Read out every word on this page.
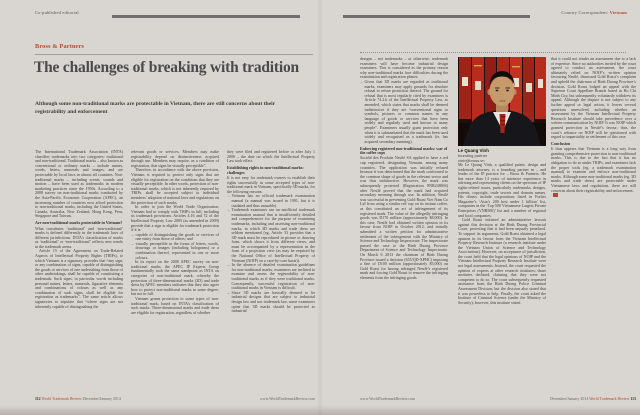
Co-published editorial	Country Correspondent: Vietnam
Bross & Partners
The challenges of breaking with tradition
Although some non-traditional marks are protectable in Vietnam, there are still concerns about their registrability and enforcement

The International Trademark Association (INTA) classifies trademarks into two categories: traditional and non-traditional. Traditional marks – also known as conventional or ordinary marks – include names, words, letters, numerals and images, and are protectable by local laws in almost all countries. Non-traditional marks – including scents, sounds and motion – have been used as trademarks in modern marketing practices since the 1950s. According to a 2008 survey on non-traditional marks conducted by the Asia-Pacific Economic Cooperation (APEC), an increasing number of countries now afford protection to non-traditional marks, including the United States, Canada, Australia, New Zealand, Hong Kong, Peru, Singapore and Taiwan.

Are non-traditional marks protectable in Vietnam?

What constitutes ‘traditional’ and ‘non-traditional’ marks is defined differently in the trademark laws of different jurisdictions. INTA’s classification of marks as ‘traditional’ or ‘non-traditional’ reflects new trends in the trademark arena.

Article 15 of the Agreement on Trade-Related Aspects of Intellectual Property Rights (TRIPs), to which Vietnam is a signatory, provides that “any sign, or any combination of signs, capable of distinguishing the goods or services of one undertaking from those of other undertakings, shall be capable of constituting a trademark. Such signs, in particular words including personal names, letters, numerals, figurative elements and combinations of colours as well as any combination of such signs, shall be eligible for registration as trademarks”. The same article allows signatories to stipulate that “where signs are not inherently capable of distinguishing the

relevant goods or services, Members may make registrability depend on distinctiveness acquired through use. Members may require, as a condition of registration, that signs be visually perceptible”.

Therefore, in accordance with the above provision, Vietnam is required to protect only signs that are eligible for registration on the conditions that they are visually perceptible. In other words, protection of non-traditional marks, which is not inherently required by TRIPs, shall be accepted subject to individual members’ adoption of national laws and regulations on the protection of such marks.

In order to join the World Trade Organisation, Vietnam had to comply with TRIPs in full, including its trademark provisions. Articles 4.16 and 72 of the Intellectual Property Law 2005 (as amended in 2009) provide that a sign is eligible for trademark protection if it is:

– capable of distinguishing the goods or services of one entity from those of others; and

– visually perceptible in the forms of letters, words, drawings or images (including holograms) or a combination thereof, represented in one or more colours.

In its report on the 2008 APEC survey on non-traditional marks, the APEC IP Experts Group fundamentally took the same standpoint as INTA on categories of non-traditional mark, whereby the protection of three-dimensional marks (3D) and trade dress by APEC members indicates that they also agree how to protect non-traditional marks to some degree, but not in full.

Vietnam grants protection to some types of non-traditional mark, based on INTA’s classification of such marks. Three-dimensional marks and trade dress are eligible for registration, regardless of whether

they were filed and registered before or after July 1 2006 – the date on which the Intellectual Property Law took effect.

Establishing rights in non-traditional marks: challenges

It is not easy for trademark owners to establish their rights successfully in some accepted types of non-traditional mark in Vietnam, specifically 3D marks, for the following reasons:

– Vietnam has no official trademark examination manual (a manual was issued in 1991, but it is outdated and thus unusable).

– Trademark examiners use an unofficial trademark examination manual that is insufficiently detailed and comprehensive for the purpose of examining trademarks, including and assessing non-traditional marks, in which 3D marks and trade dress are seldom mentioned (eg, Article 33 provides that a 3D mark must be reproduced in picture or drawing form, which shows it from different views, and must be accompanied by a representation in the form of a projection view (as may be required by the National Office of Intellectual Property of Vietnam (NOIP) on a case-by-case basis)).

– In the absence of detailed examination guidelines for non-traditional marks, examiners are inclined to examine and assess the registrability of non-traditional marks as if they were traditional marks. Consequently, successful registration of non-traditional marks in Vietnam is difficult.

– Since 3D marks are basically deemed to be industrial designs that are subject to industrial design law and not trademark law, some examiners opine that 3D marks should be protected as industrial

designs – not trademarks – or otherwise, trademark examiners will have become industrial design examiners. This is considered as the primary reason why non-traditional marks face difficulties during the examination and registration phases.

– Given that 3D marks are regarded as traditional marks, examiners may apply grounds for absolute refusal to refuse protection thereof. The ground for refusal that is most regularly cited by examiners is Article 74.2.b of the Intellectual Property Law, as amended, which states that marks shall be deemed indistinctive if they are “conventional signs or symbols, pictures or common names in any language of goods or services that have been widely and regularly used and known to many people”. Examiners usually grant protection only when it is substantiated that the mark has been used widely and recognised as a trademark (ie, has acquired secondary meaning).

Enforcing registered non-traditional marks: war of the coffee cups

Société des Produits Nestlé SA applied to have a red cup registered, designating Vietnam, among many countries. The application was initially refused because it was determined that the mark conformed to the common shape of goods in the relevant sector and was thus indistinctive. However, the mark was subsequently protected (Registration 8NR248694) after Nestlé proved that the mark had acquired secondary meaning through use. In addition, Nestlé was successful in preventing Gold Roast Viet Nam Co Ltd from using a similar red cup on its instant coffee, as this constituted an act of infringement of its registered mark. The value of the allegedly infringing goods was D170 million (approximately $8,000). In this case, Nestlé had obtained written opinion in its favour from NOIP in October 2012, and initially submitted a written petition for administrative settlement of the infringement with the Ministry of Science and Technology Inspectorate. The inspectorate passed the case to the Binh Duong Province Department of Science and Technology Inspectorate. On March 6 2013 the chairman of Binh Duong Province issued a decision (655/QD-XPHC) imposing a fine of D100 million (approximately $5,000) on Gold Roast for having infringed Nestlé’s registered mark and forcing Gold Roast to remove the infringing elements from the infringing goods.

Le Quang Vinh
founding partner
vinh@bross.vn

Mr Le Quang Vinh, a qualified patent, design and trademark attorney, is a founding partner in – and leader of the IP practice for – Bross & Partners. He has more than 14 years of intensive experience in advising and representing clients on the spectrum of IP rights-related issues, particularly trademarks, designs, patents, copyright, trade secrets and domain names. His clients include corporations listed in Forbes Magazine’s ‘Asia’s 200 best under 1 billion’ list, companies in the ‘Top 500 Vietnamese Largest Private Enterprises (VNR500)’ list and a number of regional and local companies.

Gold Roast initiated an administrative lawsuit against this decision at the Binh Duong Provincial Court, protesting that it had been unjustly penalised. To support its arguments, Gold Roast obtained a legal opinion in its favour from the Vietnam Intellectual Property Research Institute (a research institute under the Vietnam Union of Science and Technology Associations). However, on acceptance of jurisdiction, the court held that the legal opinions of NOIP and the Vietnam Intellectual Property Research Institute were not legal assessments. Instead, the court requested the opinion of experts at other research institutes; those institutes declined, claiming that they were not competent to do so. The court subsequently requested assistance from the Binh Duong Police Criminal Assessment Division, but the division also stated that it was powerless to help. Finally, the court asked the Institute of Criminal Science (under the Ministry of Security); however, this institute stated

that it could not render an assessment due to a lack of expertise. Since no authorities invited by the court agreed to conduct an assessment, the court ultimately relied on NOIP’s written opinion favouring Nestlé, dismissed Gold Roast’s complaint and upheld the chairman of Binh Duong Province’s decision. Gold Roast lodged an appeal with the Supreme Court Appellate Branch based in Ho Chi Minh City, but subsequently voluntarily withdrew its appeal. Although the dispute is not subject to any further appeal or legal action, it leaves several questions unresolved, including whether an assessment by the Vietnam Intellectual Property Research Institute should take precedence over a written communication by NOIP. It was NOIP which granted protection in Nestlé’s favour; thus, the court’s reliance on NOIP will be questioned with regard to impartiality in settlement of this case.

Conclusion

It thus appears that Vietnam is a long way from granting comprehensive protection to non-traditional marks. This is due to the fact that it has no obligation to do so under TRIPs, and examiners lack the proper tools (eg, a trademark examination manual) to examine and enforce non-traditional marks. Although some non-traditional marks (eg, 3D marks and trade dress) are protectable under Vietnamese laws and regulations, there are still concerns about their registrability and enforcement.

112 World Trademark Review December/January 2014	www.WorldTrademarkReview.com	www.WorldTrademarkReview.com	December/January 2014 World Trademark Review 113
